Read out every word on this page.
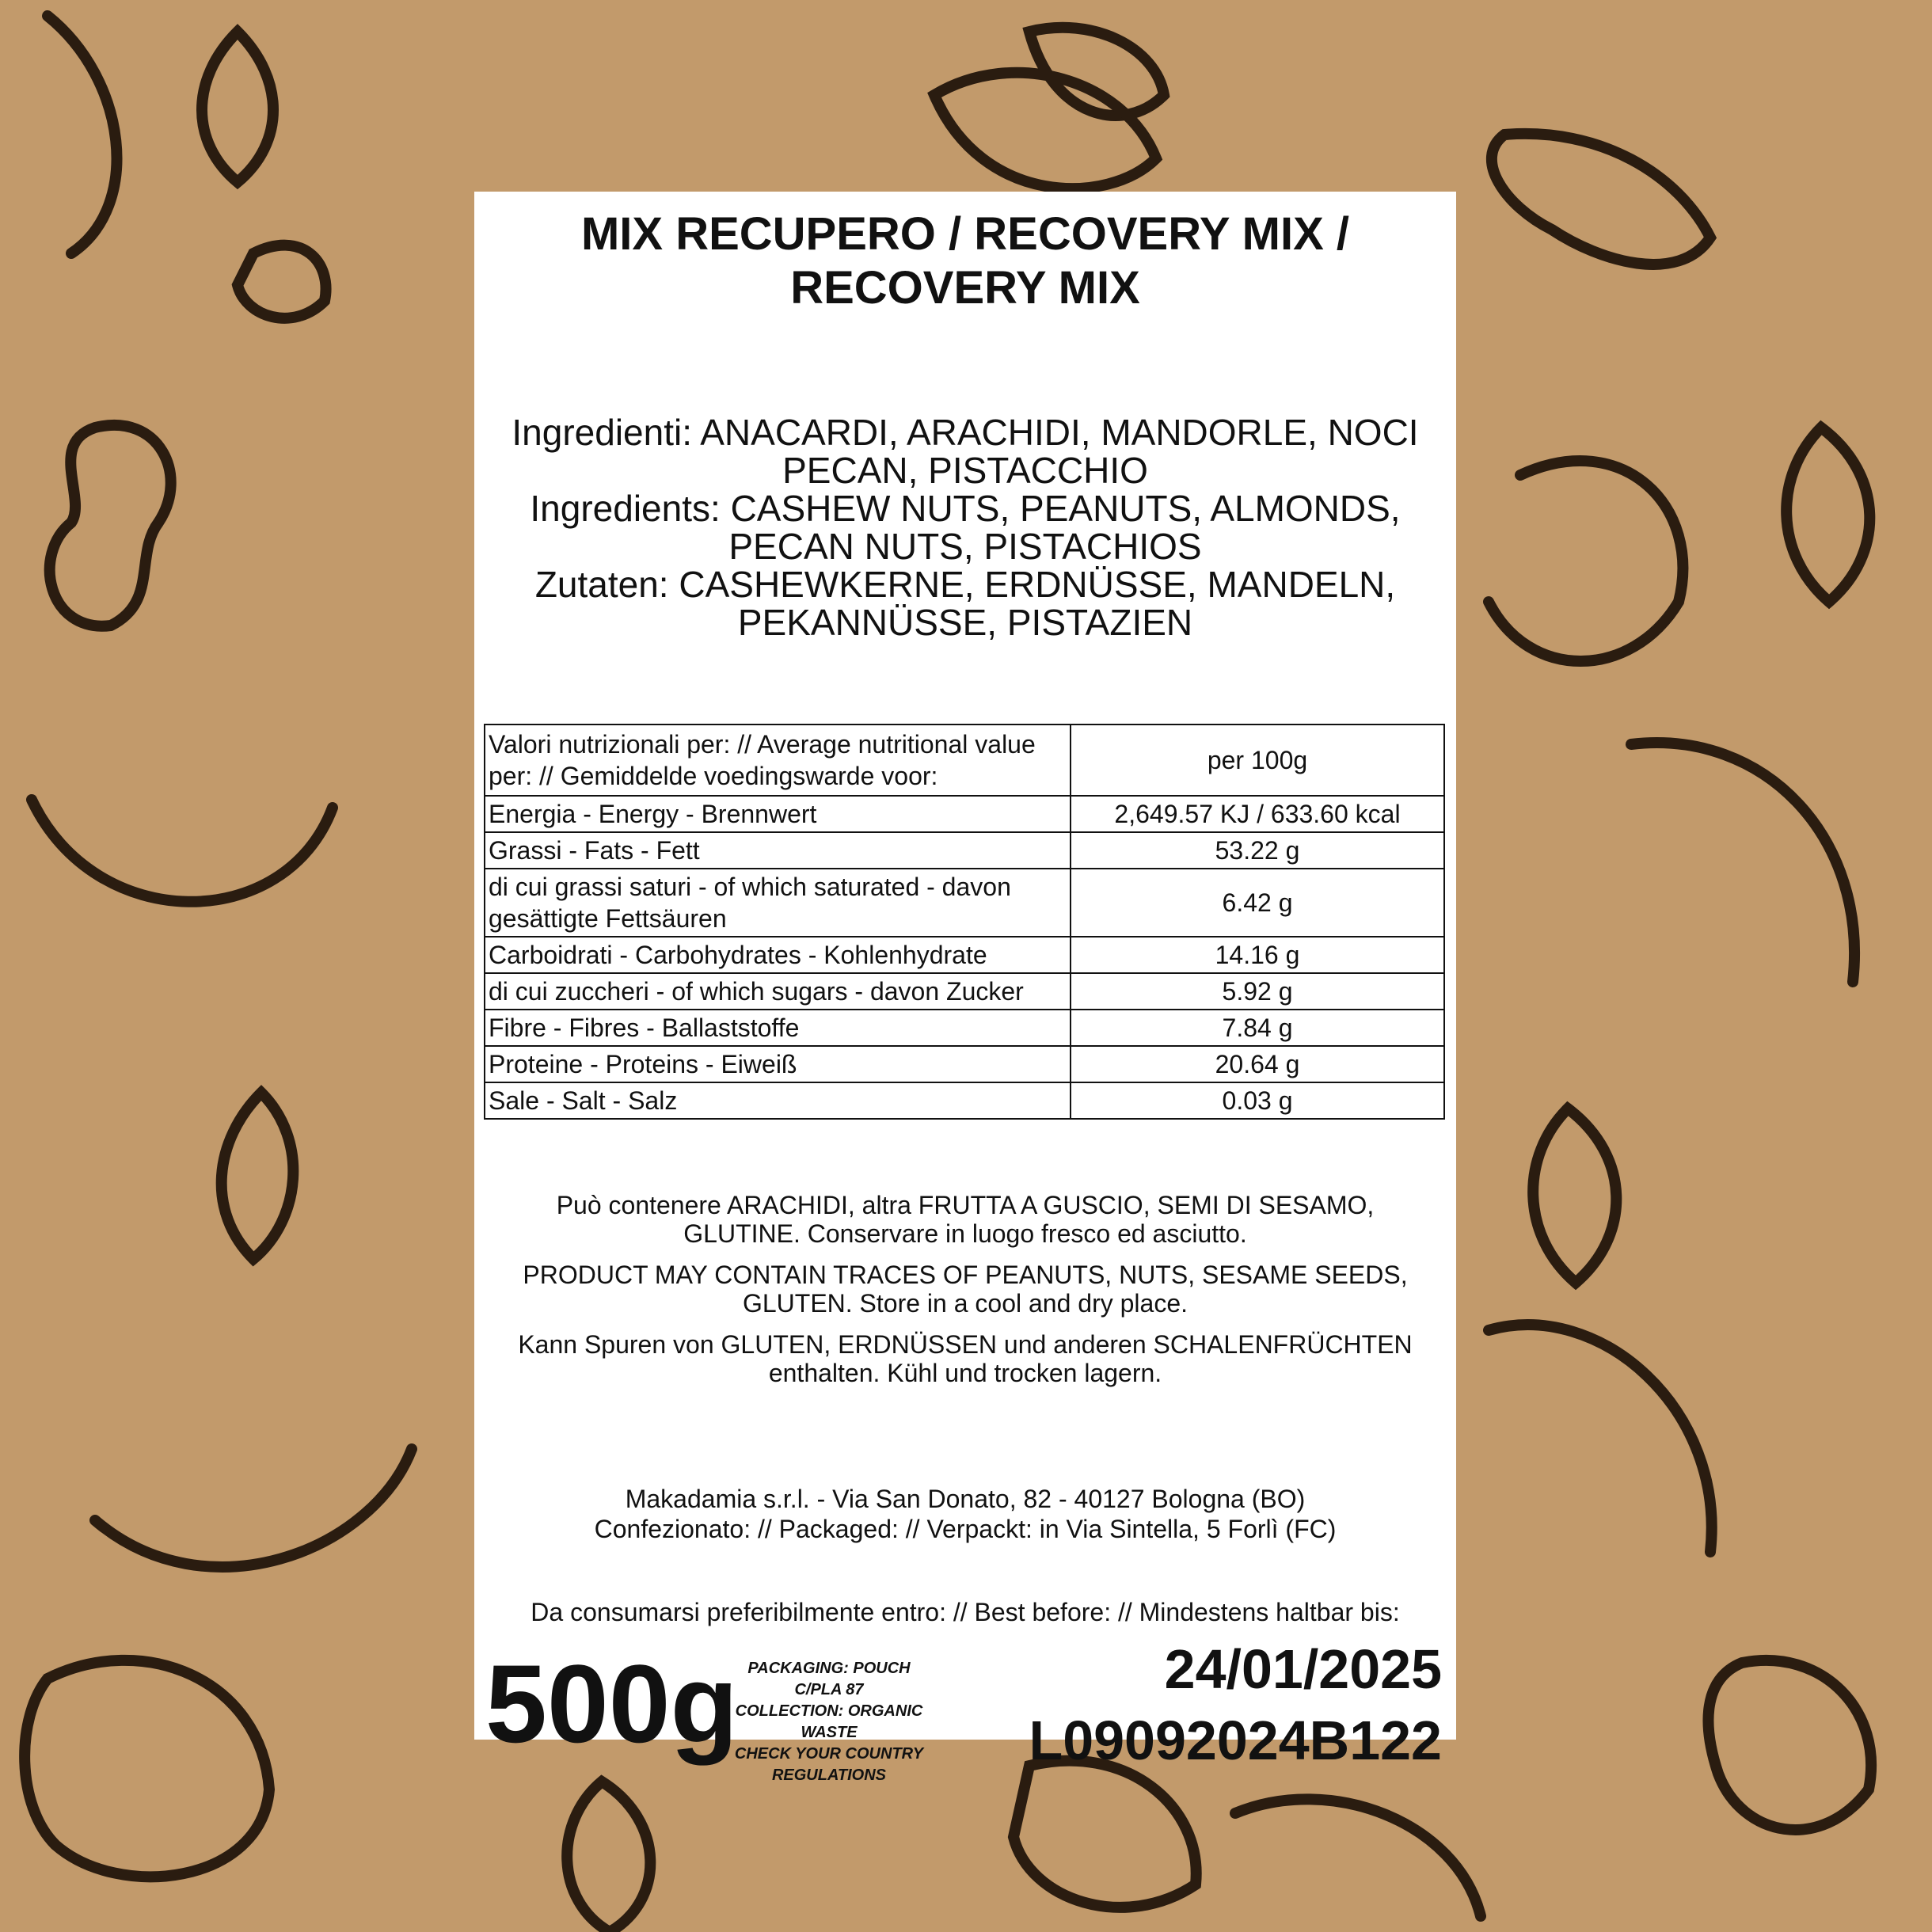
MIX RECUPERO / RECOVERY MIX / RECOVERY MIX
Ingredienti: ANACARDI, ARACHIDI, MANDORLE, NOCI PECAN, PISTACCHIO
Ingredients: CASHEW NUTS, PEANUTS, ALMONDS, PECAN NUTS, PISTACHIOS
Zutaten: CASHEWKERNE, ERDNÜSSE, MANDELN, PEKANNÜSSE, PISTAZIEN
Valori nutrizionali per: // Average nutritional value per: // Gemiddelde voedingswarde voor:	per 100g
Energia - Energy - Brennwert	2,649.57 KJ / 633.60 kcal
Grassi - Fats - Fett	53.22 g
di cui grassi saturi - of which saturated - davon gesättigte Fettsäuren	6.42 g
Carboidrati - Carbohydrates - Kohlenhydrate	14.16 g
di cui zuccheri - of which sugars - davon Zucker	5.92 g
Fibre - Fibres - Ballaststoffe	7.84 g
Proteine - Proteins - Eiweiß	20.64 g
Sale - Salt - Salz	0.03 g
Può contenere ARACHIDI, altra FRUTTA A GUSCIO, SEMI DI SESAMO, GLUTINE. Conservare in luogo fresco ed asciutto.
PRODUCT MAY CONTAIN TRACES OF PEANUTS, NUTS, SESAME SEEDS, GLUTEN. Store in a cool and dry place.
Kann Spuren von GLUTEN, ERDNÜSSEN und anderen SCHALENFRÜCHTEN enthalten. Kühl und trocken lagern.
Makadamia s.r.l. - Via San Donato, 82 - 40127 Bologna (BO)
Confezionato: // Packaged: // Verpackt: in Via Sintella, 5 Forlì (FC)
Da consumarsi preferibilmente entro: // Best before: // Mindestens haltbar bis:
500g PACKAGING: POUCH C/PLA 87
COLLECTION: ORGANIC WASTE
CHECK YOUR COUNTRY
REGULATIONS
24/01/2025
L09092024B122
